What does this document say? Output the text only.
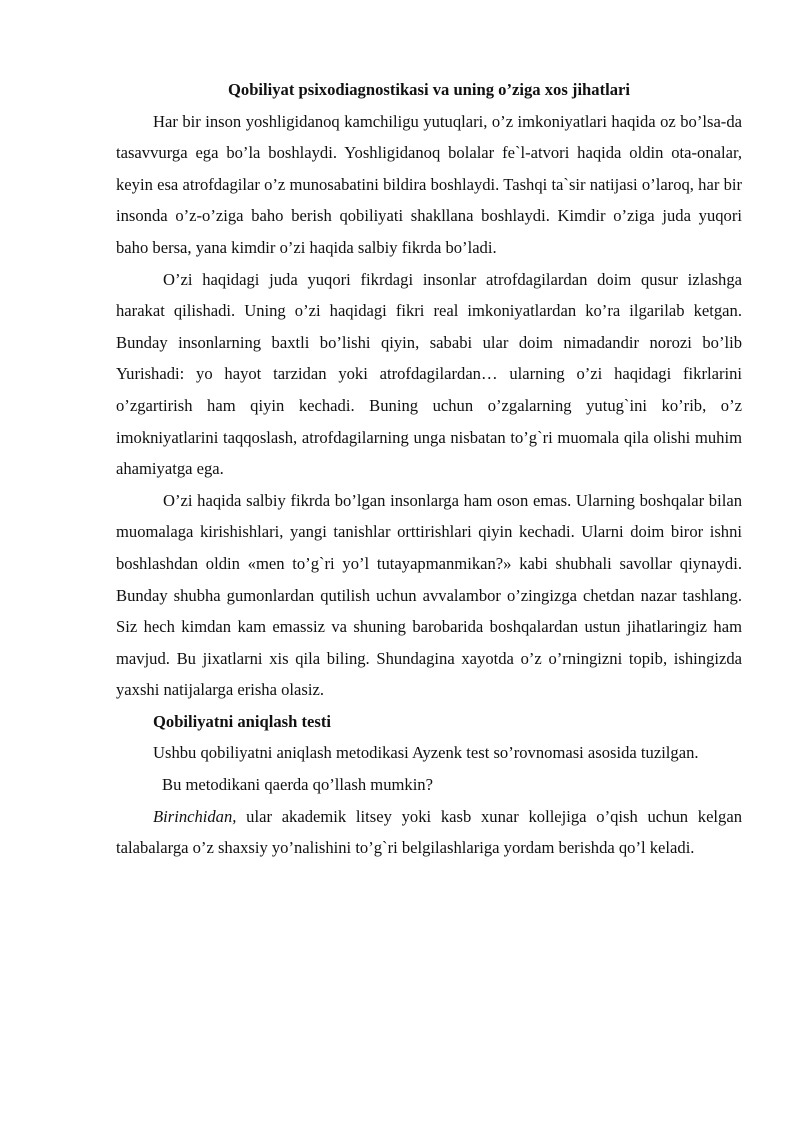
Qobiliyat psixodiagnostikasi va uning o’ziga xos jihatlari

Har bir inson yoshligidanoq kamchiligu yutuqlari, o’z imkoniyatlari haqida oz bo’lsa-da tasavvurga ega bo’la boshlaydi. Yoshligidanoq bolalar fe`l-atvori haqida oldin ota-onalar, keyin esa atrofdagilar o’z munosabatini bildira boshlaydi. Tashqi ta`sir natijasi o’laroq, har bir insonda o’z-o’ziga baho berish qobiliyati shakllana boshlaydi. Kimdir o’ziga juda yuqori baho bersa, yana kimdir o’zi haqida salbiy fikrda bo’ladi.

O’zi haqidagi juda yuqori fikrdagi insonlar atrofdagilardan doim qusur izlashga harakat qilishadi. Uning o’zi haqidagi fikri real imkoniyatlardan ko’ra ilgarilab ketgan. Bunday insonlarning baxtli bo’lishi qiyin, sababi ular doim nimadandir norozi bo’lib Yurishadi: yo hayot tarzidan yoki atrofdagilardan… ularning o’zi haqidagi fikrlarini o’zgartirish ham qiyin kechadi. Buning uchun o’zgalarning yutug`ini ko’rib, o’z imokniyatlarini taqqoslash, atrofdagilarning unga nisbatan to’g`ri muomala qila olishi muhim ahamiyatga ega.

O’zi haqida salbiy fikrda bo’lgan insonlarga ham oson emas. Ularning boshqalar bilan muomalaga kirishishlari, yangi tanishlar orttirishlari qiyin kechadi. Ularni doim biror ishni boshlashdan oldin «men to’g`ri yo’l tutayapmanmikan?» kabi shubhali savollar qiynaydi. Bunday shubha gumonlardan qutilish uchun avvalambor o’zingizga chetdan nazar tashlang. Siz hech kimdan kam emassiz va shuning barobarida boshqalardan ustun jihatlaringiz ham mavjud. Bu jixatlarni xis qila biling. Shundagina xayotda o’z o’rningizni topib, ishingizda yaxshi natijalarga erisha olasiz.

Qobiliyatni aniqlash testi

Ushbu qobiliyatni aniqlash metodikasi Ayzenk test so’rovnomasi asosida tuzilgan.

Bu metodikani qaerda qo’llash mumkin?

Birinchidan, ular akademik litsey yoki kasb xunar kollejiga o’qish uchun kelgan talabalarga o’z shaxsiy yo’nalishini to’g`ri belgilashlariga yordam berishda qo’l keladi.
